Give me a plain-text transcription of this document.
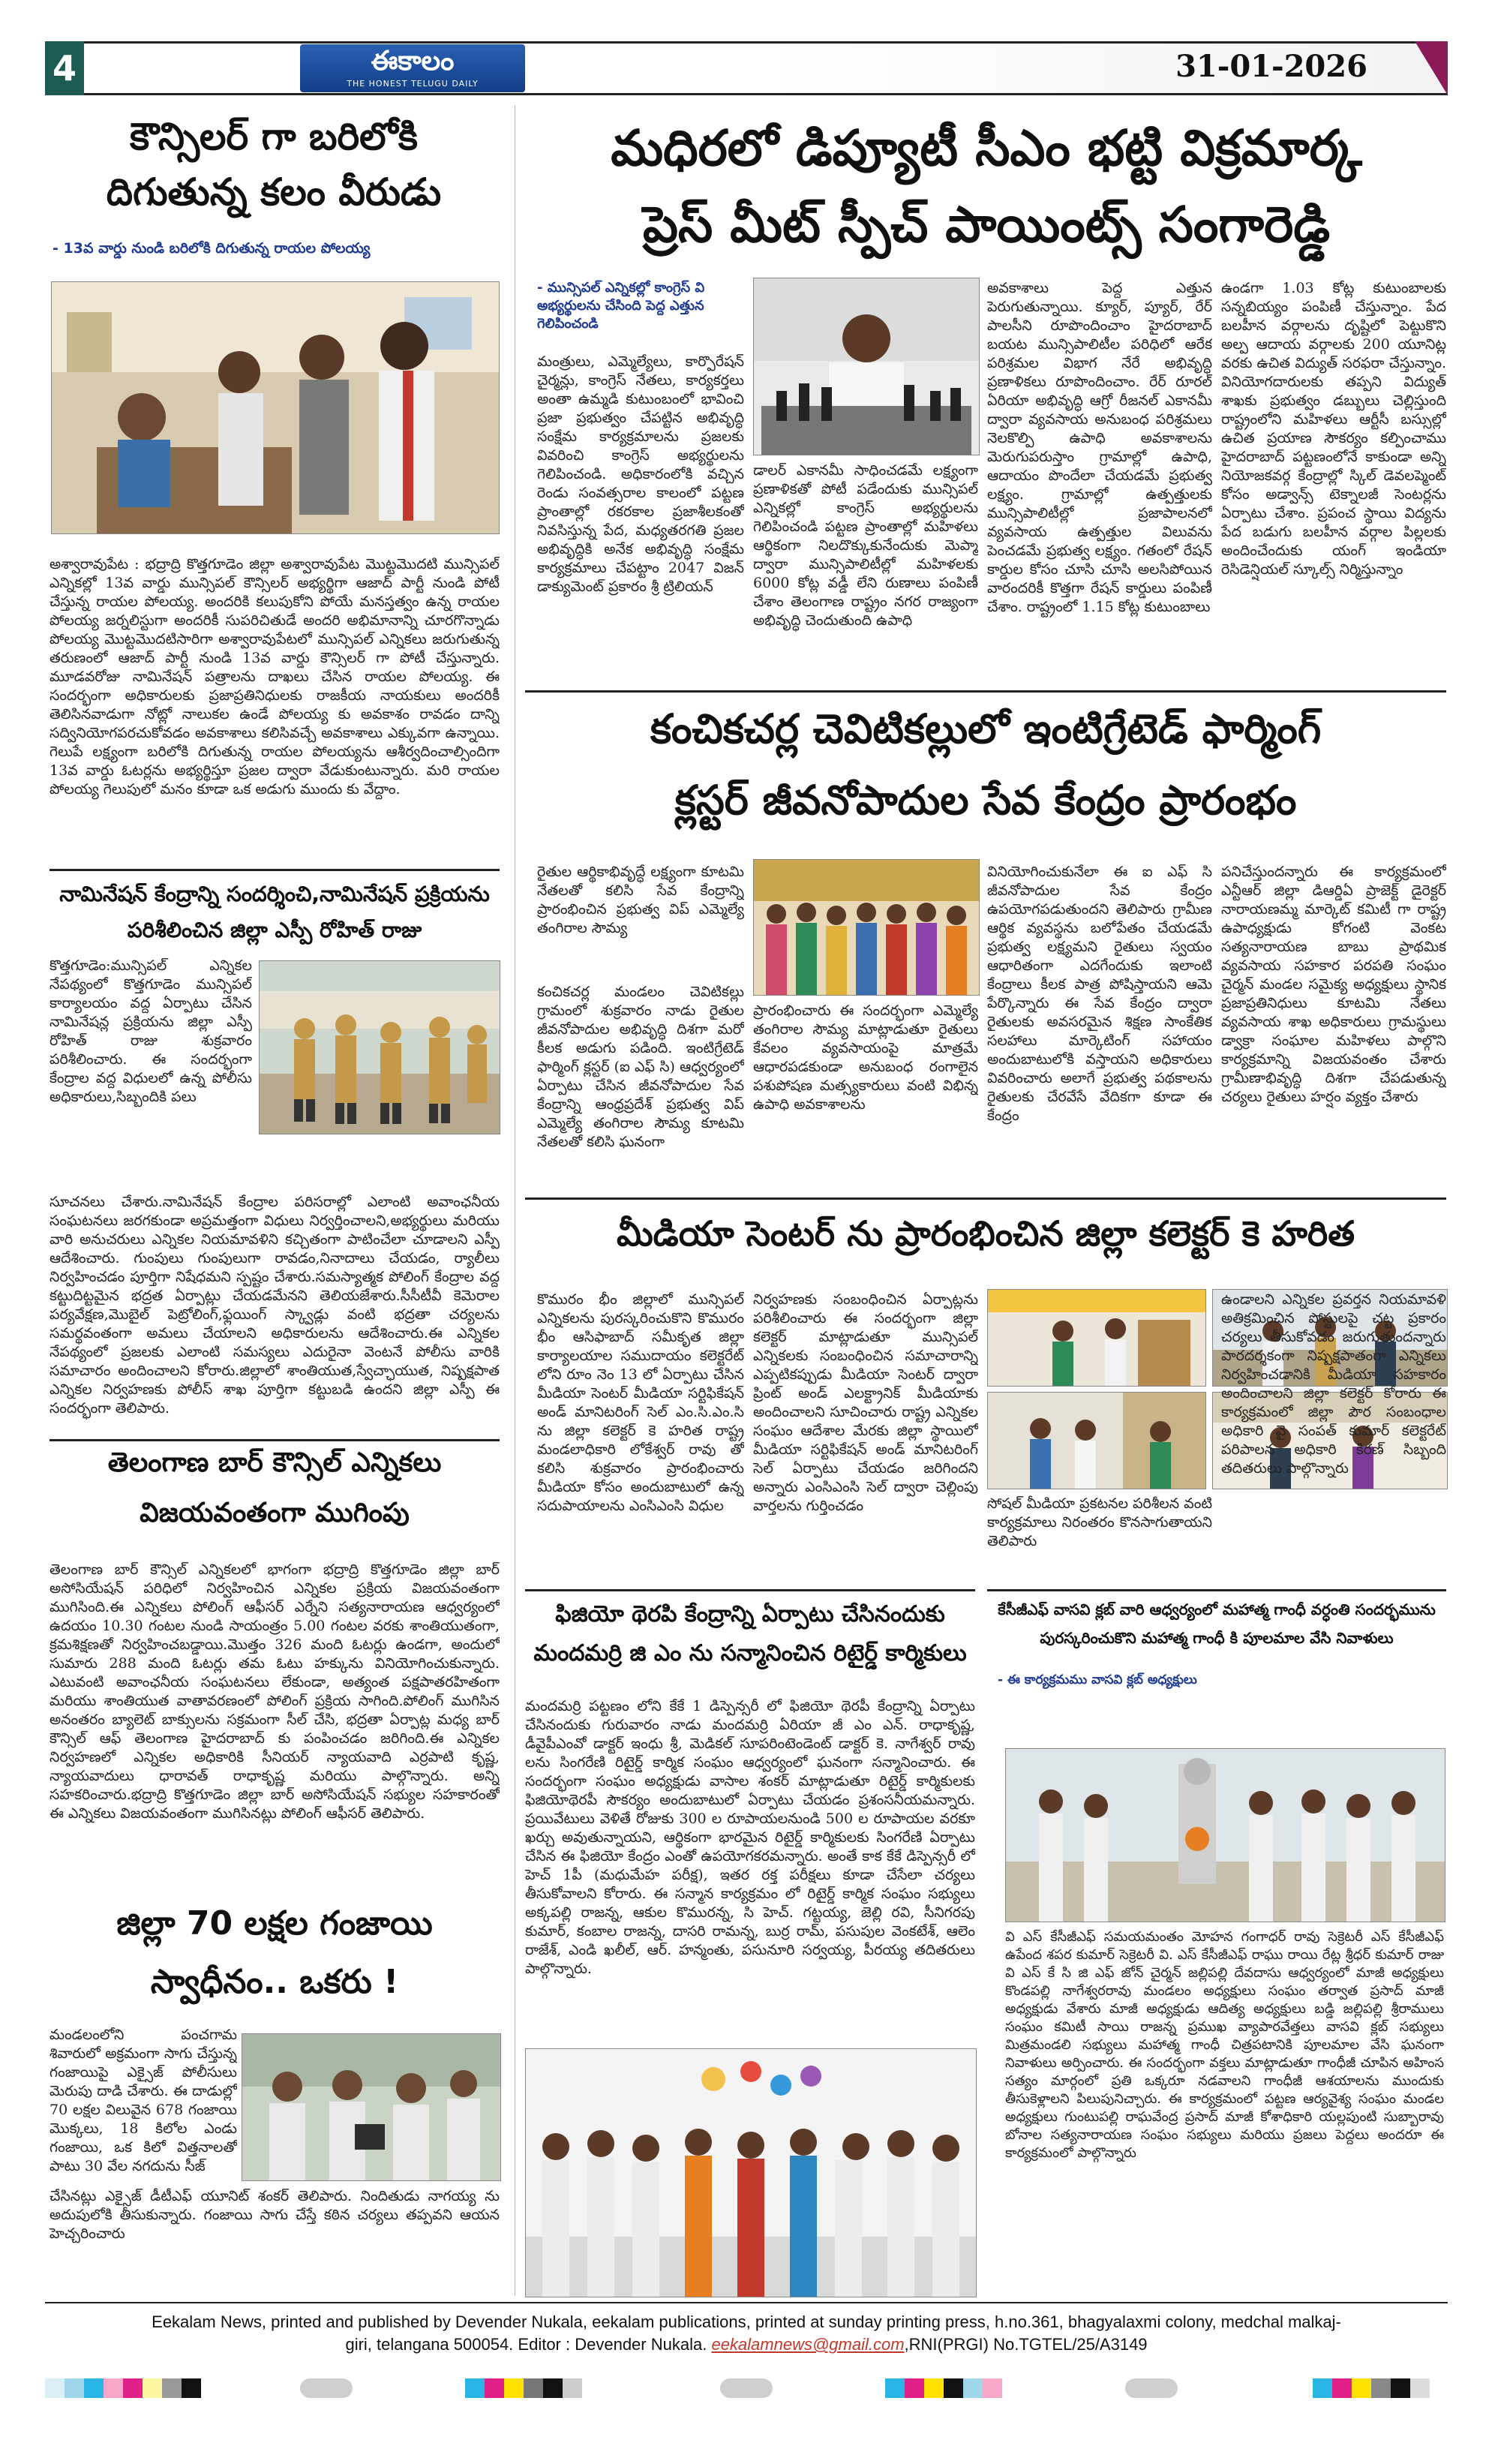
4	ఈకాలం
THE HONEST TELUGU DAILY	31-01-2026
కౌన్సిలర్ గా బరిలోకి
దిగుతున్న కలం వీరుడు
- 13వ వార్డు నుండి బరిలోకి దిగుతున్న రాయల పోలయ్య
అశ్వారావుపేట : భద్రాద్రి కొత్తగూడెం జిల్లా అశ్వారావుపేట మొట్టమొదటి మున్సిపల్ ఎన్నికల్లో 13వ వార్డు మున్సిపల్ కౌన్సిలర్ అభ్యర్థిగా ఆజాద్ పార్టీ నుండి పోటీ చేస్తున్న రాయల పోలయ్య. అందరికి కలుపుకోని పోయే మనస్తత్వం ఉన్న రాయల పోలయ్య జర్నలిస్టుగా అందరికీ సుపరిచితుడే అందరి అభిమానాన్ని చూరగొన్నాడు పోలయ్య మొట్టమొదటిసారిగా అశ్వారావుపేటలో మున్సిపల్ ఎన్నికలు జరుగుతున్న తరుణంలో ఆజాద్ పార్టీ నుండి 13వ వార్డు కౌన్సిలర్ గా పోటీ చేస్తున్నారు. మూడవరోజు నామినేషన్ పత్రాలను దాఖలు చేసిన రాయల పోలయ్య. ఈ సందర్భంగా అధికారులకు ప్రజాప్రతినిధులకు రాజకీయ నాయకులు అందరికీ తెలిసినవాడుగా నోట్లో నాలుకల ఉండే పోలయ్య కు అవకాశం రావడం దాన్ని సద్వినియోగపరచుకోవడం అవకాశాలు కలిసివచ్చే అవకాశాలు ఎక్కువగా ఉన్నాయి. గెలుపే లక్ష్యంగా బరిలోకి దిగుతున్న రాయల పోలయ్యను ఆశీర్వదించాల్సిందిగా 13వ వార్డు ఓటర్లను అభ్యర్థిస్తూ ప్రజల ద్వారా వేడుకుంటున్నారు. మరి రాయల పోలయ్య గెలుపులో మనం కూడా ఒక అడుగు ముందు కు వేద్దాం.
నామినేషన్ కేంద్రాన్ని సందర్శించి,నామినేషన్ ప్రక్రియను పరిశీలించిన జిల్లా ఎస్పీ రోహిత్ రాజు
కొత్తగూడెం:మున్సిపల్ ఎన్నికల నేపథ్యంలో కొత్తగూడెం మున్సిపల్ కార్యాలయం వద్ద ఏర్పాటు చేసిన నామినేషన్ల ప్రక్రియను జిల్లా ఎస్పీ రోహిత్ రాజు శుక్రవారం పరిశీలించారు. ఈ సందర్భంగా కేంద్రాల వద్ద విధులలో ఉన్న పోలీసు అధికారులు,సిబ్బందికి పలు
సూచనలు చేశారు.నామినేషన్ కేంద్రాల పరిసరాల్లో ఎలాంటి అవాంఛనీయ సంఘటనలు జరగకుండా అప్రమత్తంగా విధులు నిర్వర్తించాలని,అభ్యర్థులు మరియు వారి అనుచరులు ఎన్నికల నియమావళిని కచ్చితంగా పాటించేలా చూడాలని ఎస్పీ ఆదేశించారు. గుంపులు గుంపులుగా రావడం,నినాదాలు చేయడం, ర్యాలీలు నిర్వహించడం పూర్తిగా నిషేధమని స్పష్టం చేశారు.సమస్యాత్మక పోలింగ్ కేంద్రాల వద్ద కట్టుదిట్టమైన భద్రత ఏర్పాట్లు చేయడమేనని తెలియజేశారు.సీసీటీవీ కెమెరాల పర్యవేక్షణ,మొబైల్ పెట్రోలింగ్,ఫ్లయింగ్ స్క్వాడ్లు వంటి భద్రతా చర్యలను సమర్థవంతంగా అమలు చేయాలని అధికారులను ఆదేశించారు.ఈ ఎన్నికల నేపథ్యంలో ప్రజలకు ఎలాంటి సమస్యలు ఎదురైనా వెంటనే పోలీసు వారికి సమాచారం అందించాలని కోరారు.జిల్లాలో శాంతియుత,స్వేచ్ఛాయుత, నిష్పక్షపాత ఎన్నికల నిర్వహణకు పోలీస్ శాఖ పూర్తిగా కట్టుబడి ఉందని జిల్లా ఎస్పీ ఈ సందర్భంగా తెలిపారు.
తెలంగాణ బార్ కౌన్సిల్ ఎన్నికలు
విజయవంతంగా ముగింపు
తెలంగాణ బార్ కౌన్సిల్ ఎన్నికలలో భాగంగా భద్రాద్రి కొత్తగూడెం జిల్లా బార్ అసోసియేషన్ పరిధిలో నిర్వహించిన ఎన్నికల ప్రక్రియ విజయవంతంగా ముగిసింది.ఈ ఎన్నికలు పోలింగ్ ఆఫీసర్ ఎర్నేని సత్యనారాయణ ఆధ్వర్యంలో ఉదయం 10.30 గంటల నుండి సాయంత్రం 5.00 గంటల వరకు శాంతియుతంగా, క్రమశిక్షణతో నిర్వహించబడ్డాయి.మొత్తం 326 మంది ఓటర్లు ఉండగా, అందులో సుమారు 288 మంది ఓటర్లు తమ ఓటు హక్కును వినియోగించుకున్నారు. ఎటువంటి అవాంఛనీయ సంఘటనలు లేకుండా, అత్యంత పక్షపాతరహితంగా మరియు శాంతియుత వాతావరణంలో పోలింగ్ ప్రక్రియ సాగింది.పోలింగ్ ముగిసిన అనంతరం బ్యాలెట్ బాక్సులను సక్రమంగా సీల్ చేసి, భద్రతా ఏర్పాట్ల మధ్య బార్ కౌన్సిల్ ఆఫ్ తెలంగాణ హైదరాబాద్ కు పంపించడం జరిగింది.ఈ ఎన్నికల నిర్వహణలో ఎన్నికల అధికారికి సీనియర్ న్యాయవాది ఎర్రపాటి కృష్ణ, న్యాయవాదులు ధారావత్ రాధాకృష్ణ మరియు పాల్గొన్నారు. అన్ని సహకరించారు.భద్రాద్రి కొత్తగూడెం జిల్లా బార్ అసోసియేషన్ సభ్యుల సహకారంతో ఈ ఎన్నికలు విజయవంతంగా ముగిసినట్లు పోలింగ్ ఆఫీసర్ తెలిపారు.
జిల్లా 70 లక్షల గంజాయి
స్వాధీనం.. ఒకరు !
మండలంలోని పంచగామ శివారులో అక్రమంగా సాగు చేస్తున్న గంజాయిపై ఎక్సైజ్ పోలీసులు మెరుపు దాడి చేశారు. ఈ దాడుల్లో 70 లక్షల విలువైన 678 గంజాయి మొక్కలు, 18 కిలోల ఎండు గంజాయి, ఒక కిలో విత్తనాలతో పాటు 30 వేల నగదును సీజ్
చేసినట్లు ఎక్సైజ్ డీటీఎఫ్ యూనిట్ శంకర్ తెలిపారు. నిందితుడు నాగయ్య ను అదుపులోకి తీసుకున్నారు. గంజాయి సాగు చేస్తే కఠిన చర్యలు తప్పవని ఆయన హెచ్చరించారు
మధిరలో డిప్యూటీ సీఎం భట్టి విక్రమార్క
ప్రెస్ మీట్ స్పీచ్ పాయింట్స్ సంగారెడ్డి
- మున్సిపల్ ఎన్నికల్లో కాంగ్రెస్ వి అభ్యర్థులను చేసింది పెద్ద ఎత్తున గెలిపించండి
మంత్రులు, ఎమ్మెల్యేలు, కార్పొరేషన్ చైర్మన్లు, కాంగ్రెస్ నేతలు, కార్యకర్తలు అంతా ఉమ్మడి కుటుంబంలో భావించి ప్రజా ప్రభుత్వం చేపట్టిన అభివృద్ధి సంక్షేమ కార్యక్రమాలను ప్రజలకు వివరించి కాంగ్రెస్ అభ్యర్థులను గెలిపించండి. అధికారంలోకి వచ్చిన రెండు సంవత్సరాల కాలంలో పట్టణ ప్రాంతాల్లో రకరకాల ప్రజాశీలకంతో నివసిస్తున్న పేద, మధ్యతరగతి ప్రజల అభివృద్ధికి అనేక అభివృద్ధి సంక్షేమ కార్యక్రమాలు చేపట్టాం 2047 విజన్ డాక్యుమెంట్ ప్రకారం శ్రీ ట్రిలియన్
డాలర్ ఎకానమీ సాధించడమే లక్ష్యంగా ప్రణాళికతో పోటీ పడేందుకు మున్సిపల్ ఎన్నికల్లో కాంగ్రెస్ అభ్యర్థులను గెలిపించండి పట్టణ ప్రాంతాల్లో మహిళలు ఆర్థికంగా నిలదొక్కుకునేందుకు మెప్మా ద్వారా మున్సిపాలిటీల్లో మహిళలకు 6000 కోట్ల వడ్డీ లేని రుణాలు పంపిణీ చేశాం తెలంగాణ రాష్ట్రం నగర రాజ్యంగా అభివృద్ధి చెందుతుంది ఉపాధి
అవకాశాలు పెద్ద ఎత్తున పెరుగుతున్నాయి. క్యూర్, ప్యూర్, రేర్ పాలసీని రూపొందించాం హైదరాబాద్ బయట మున్సిపాలిటీల పరిధిలో ఆరేక పరిశ్రమల విభాగ నేరే అభివృద్ధి ప్రణాళికలు రూపొందించాం. రేర్ రూరల్ ఏరియా అభివృద్ధి ఆగ్రో రీజనల్ ఎకానమీ ద్వారా వ్యవసాయ అనుబంధ పరిశ్రమలు నెలకొల్పి ఉపాధి అవకాశాలను మెరుగుపరుస్తాం గ్రామాల్లో ఉపాధి, ఆదాయం పొందేలా చేయడమే ప్రభుత్వ లక్ష్యం. గ్రామాల్లో ఉత్పత్తులకు మున్సిపాలిటీల్లో ప్రజాపాలనలో వ్యవసాయ ఉత్పత్తుల విలువను పెంచడమే ప్రభుత్వ లక్ష్యం. గతంలో రేషన్ కార్డుల కోసం చూసి చూసి అలసిపోయిన వారందరికీ కొత్తగా రేషన్ కార్డులు పంపిణీ చేశాం. రాష్ట్రంలో 1.15 కోట్ల కుటుంబాలు
ఉండగా 1.03 కోట్ల కుటుంబాలకు సన్నబియ్యం పంపిణీ చేస్తున్నాం. పేద బలహీన వర్గాలను దృష్టిలో పెట్టుకొని అల్ప ఆదాయ వర్గాలకు 200 యూనిట్ల వరకు ఉచిత విద్యుత్ సరఫరా చేస్తున్నాం. వినియోగదారులకు తప్పని విద్యుత్ శాఖకు ప్రభుత్వం డబ్బులు చెల్లిస్తుంది రాష్ట్రంలోని మహిళలు ఆర్టీసీ బస్సుల్లో ఉచిత ప్రయాణ సౌకర్యం కల్పించాము హైదరాబాద్ పట్టణంలోనే కాకుండా అన్ని నియోజకవర్గ కేంద్రాల్లో స్కిల్ డెవలప్మెంట్ కోసం అడ్వాన్స్ టెక్నాలజీ సెంటర్లను ఏర్పాటు చేశాం. ప్రపంచ స్థాయి విద్యను పేద బడుగు బలహీన వర్గాల పిల్లలకు అందించేందుకు యంగ్ ఇండియా రెసిడెన్షియల్ స్కూల్స్ నిర్మిస్తున్నాం
కంచికచర్ల చెవిటికల్లులో ఇంటిగ్రేటెడ్ ఫార్మింగ్
క్లస్టర్ జీవనోపాదుల సేవ కేంద్రం ప్రారంభం
రైతుల ఆర్థికాభివృద్ధే లక్ష్యంగా కూటమి నేతలతో కలిసి సేవ కేంద్రాన్ని ప్రారంభించిన ప్రభుత్వ విప్ ఎమ్మెల్యే తంగిరాల సౌమ్య
కంచికచర్ల మండలం చెవిటికల్లు గ్రామంలో శుక్రవారం నాడు రైతుల జీవనోపాదుల అభివృద్ధి దిశగా మరో కీలక అడుగు పడింది. ఇంటిగ్రేటెడ్ ఫార్మింగ్ క్లస్టర్ (ఐ ఎఫ్ సి) ఆధ్వర్యంలో ఏర్పాటు చేసిన జీవనోపాదుల సేవ కేంద్రాన్ని ఆంధ్రప్రదేశ్ ప్రభుత్వ విప్ ఎమ్మెల్యే తంగిరాల సౌమ్య కూటమి నేతలతో కలిసి ఘనంగా
ప్రారంభించారు ఈ సందర్భంగా ఎమ్మెల్యే తంగిరాల సౌమ్య మాట్లాడుతూ రైతులు కేవలం వ్యవసాయంపై మాత్రమే ఆధారపడకుండా అనుబంధ రంగాలైన పశుపోషణ మత్స్యకారులు వంటి విభిన్న ఉపాధి అవకాశాలను
వినియోగించుకునేలా ఈ ఐ ఎఫ్ సి జీవనోపాదుల సేవ కేంద్రం ఉపయోగపడుతుందని తెలిపారు గ్రామీణ ఆర్థిక వ్యవస్థను బలోపేతం చేయడమే ప్రభుత్వ లక్ష్యమని రైతులు స్వయం ఆధారితంగా ఎదగేందుకు ఇలాంటి కేంద్రాలు కీలక పాత్ర పోషిస్తాయని ఆమె పేర్కొన్నారు ఈ సేవ కేంద్రం ద్వారా రైతులకు అవసరమైన శిక్షణ సాంకేతిక సలహాలు మార్కెటింగ్ సహాయం అందుబాటులోకి వస్తాయని అధికారులు వివరించారు అలాగే ప్రభుత్వ పథకాలను రైతులకు చేరవేసే వేదికగా కూడా ఈ కేంద్రం
పనిచేస్తుందన్నారు ఈ కార్యక్రమంలో ఎన్టీఆర్ జిల్లా డిఆర్డిఏ ప్రాజెక్ట్ డైరెక్టర్ నారాయణమ్మ మార్కెట్ కమిటీ గా రాష్ట్ర ఉపాధ్యక్షుడు కోగంటి వెంకట సత్యనారాయణ బాబు ప్రాథమిక వ్యవసాయ సహకార పరపతి సంఘం చైర్మన్ మండల సమైక్య అధ్యక్షులు స్థానిక ప్రజాప్రతినిధులు కూటమి నేతలు వ్యవసాయ శాఖ అధికారులు గ్రామస్థులు డ్వాక్రా సంఘాల మహిళలు పాల్గొని కార్యక్రమాన్ని విజయవంతం చేశారు గ్రామీణాభివృద్ధి దిశగా చేపడుతున్న చర్యలు రైతులు హర్షం వ్యక్తం చేశారు
మీడియా సెంటర్ ను ప్రారంభించిన జిల్లా కలెక్టర్ కె హరిత
కొమురం భీం జిల్లాలో మున్సిపల్ ఎన్నికలను పురస్కరించుకొని కొమురం భీం ఆసిఫాబాద్ సమీకృత జిల్లా కార్యాలయాల సముదాయం కలెక్టరేట్ లోని రూం నెం 13 లో ఏర్పాటు చేసిన మీడియా సెంటర్ మీడియా సర్టిఫికేషన్ అండ్ మానిటరింగ్ సెల్ ఎం.సి.ఎం.సి ను జిల్లా కలెక్టర్ కె హరిత రాష్ట్ర మండలాధికారి లోకేశ్వర్ రావు తో కలిసి శుక్రవారం ప్రారంభించారు మీడియా కోసం అందుబాటులో ఉన్న సదుపాయాలను ఎంసిఎంసి విధుల
నిర్వహణకు సంబంధించిన ఏర్పాట్లను పరిశీలించారు ఈ సందర్భంగా జిల్లా కలెక్టర్ మాట్లాడుతూ మున్సిపల్ ఎన్నికలకు సంబంధించిన సమాచారాన్ని ఎప్పటికప్పుడు మీడియా సెంటర్ ద్వారా ప్రింట్ అండ్ ఎలక్ట్రానిక్ మీడియాకు అందించాలని సూచించారు రాష్ట్ర ఎన్నికల సంఘం ఆదేశాల మేరకు జిల్లా స్థాయిలో మీడియా సర్టిఫికేషన్ అండ్ మానిటరింగ్ సెల్ ఏర్పాటు చేయడం జరిగిందని అన్నారు ఎంసిఎంసి సెల్ ద్వారా చెల్లింపు వార్తలను గుర్తించడం	సోషల్ మీడియా ప్రకటనల పరిశీలన వంటి కార్యక్రమాలు నిరంతరం కొనసాగుతాయని తెలిపారు
ఉండాలని ఎన్నికల ప్రవర్తన నియమావళి అతిక్రమించిన పోస్టులపై చట్ట ప్రకారం చర్యలు తీసుకోవడం జరుగుతుందన్నారు పారదర్శకంగా నిష్పక్షపాతంగా ఎన్నికలు నిర్వహించడానికి మీడియా సహకారం అందించాలని జిల్లా కలెక్టర్ కోరారు ఈ కార్యక్రమంలో జిల్లా పౌర సంబంధాల అధికారి వై సంపత్ కుమార్ కలెక్టరేట్ పరిపాలన అధికారి కిరణ్ సిబ్బంది తదితరులు పాల్గొన్నారు
ఫిజియో థెరపి కేంద్రాన్ని ఏర్పాటు చేసినందుకు
మందమర్రి జి ఎం ను సన్మానించిన రిటైర్డ్ కార్మికులు
మందమర్రి పట్టణం లోని కేకే 1 డిస్పెన్సరీ లో ఫిజియో థెరపీ కేంద్రాన్ని ఏర్పాటు చేసినందుకు గురువారం నాడు మందమర్రి ఏరియా జీ ఎం ఎన్. రాధాకృష్ణ, డీవైపీఎంవో డాక్టర్ ఇంధు శ్రీ, మెడికల్ సూపరింటెండెంట్ డాక్టర్ కె. నాగేశ్వర్ రావు లను సింగరేణి రిటైర్డ్ కార్మిక సంఘం ఆధ్వర్యంలో ఘనంగా సన్మానించారు. ఈ సందర్భంగా సంఘం అధ్యక్షుడు వాసాల శంకర్ మాట్లాడుతూ రిటైర్డ్ కార్మికులకు ఫిజియోథెరపీ సౌకర్యం అందుబాటులో ఏర్పాటు చేయడం ప్రశంసనీయమన్నారు. ప్రయివేటులు వెళితే రోజుకు 300 ల రూపాయలనుండి 500 ల రూపాయల వరకూ ఖర్చు అవుతున్నాయని, ఆర్థికంగా భారమైన రిటైర్డ్ కార్మికులకు సింగరేణి ఏర్పాటు చేసిన ఈ ఫిజియో కేంద్రం ఎంతో ఉపయోగకరమన్నారు. అంతే కాక కేకే డిస్పెన్సరీ లో హెచ్ 1పీ (మధుమేహ పరీక్ష), ఇతర రక్త పరీక్షలు కూడా చేసేలా చర్యలు తీసుకోవాలని కోరారు. ఈ సన్మాన కార్యక్రమం లో రిటైర్డ్ కార్మిక సంఘం సభ్యులు అక్కపల్లి రాజన్న, ఆకుల కొమురన్న, సి హెచ్. గట్టయ్య, జెల్లి రవి, సీనిగరపు కుమార్, కంబాల రాజన్న, దాసరి రామన్న, బుర్ర రామ్, పసుపుల వెంకటేశ్, ఆలెం రాజేశ్, ఎండి ఖలీల్, ఆర్. హన్మంతు, పసునూరి సర్వయ్య, పీరయ్య తదితరులు పాల్గొన్నారు.
కేసీజీఎఫ్ వాసవి క్లబ్ వారి ఆధ్వర్యంలో మహాత్మ గాంధీ వర్ధంతి సందర్భమును
పురస్కరించుకొని మహాత్మ గాంధీ కి పూలమాల వేసి నివాళులు
- ఈ కార్యక్రమము వాసవి క్లబ్ అధ్యక్షులు
వి ఎస్ కేసీజీఎఫ్ సమయమంతం మోహన గంగాధర్ రావు సెక్రెటరీ ఎస్ కేసీజీఎఫ్ ఉపేంద శపర కుమార్ సెక్రెటరీ వి. ఎస్ కేసీజీఎఫ్ రాఘు రాయి రేట్ల శ్రీధర్ కుమార్ రాజు వి ఎస్ కే సి జి ఎఫ్ జోన్ చైర్మన్ జల్లిపల్లి దేవదాసు ఆధ్వర్యంలో మాజీ అధ్యక్షులు కొండపల్లి నాగేశ్వరరావు మండలం అధ్యక్షులు సంఘం తర్వాత ప్రసాద్ మాజీ అధ్యక్షుడు వేశారు మాజీ అధ్యక్షుడు ఆదిత్య అధ్యక్షులు బడ్డి జల్లిపల్లి శ్రీరాములు సంఘం కమిటీ సాయి రాజన్న ప్రముఖ వ్యాపారవేత్తలు వాసవి క్లబ్ సభ్యులు మిత్రమండలి సభ్యులు మహాత్మ గాంధీ చిత్రపటానికి పూలమాల వేసి ఘనంగా నివాళులు అర్పించారు. ఈ సందర్భంగా వక్తలు మాట్లాడుతూ గాంధీజీ చూపిన అహింస సత్యం మార్గంలో ప్రతి ఒక్కరూ నడవాలని గాంధీజీ ఆశయాలను ముందుకు తీసుకెళ్లాలని పిలుపునిచ్చారు. ఈ కార్యక్రమంలో పట్టణ ఆర్యవైశ్య సంఘం మండల అధ్యక్షులు గుంటుపల్లి రాఘవేంద్ర ప్రసాద్ మాజీ కోశాధికారి యల్లపుంటి సుబ్బారావు బోనాల సత్యనారాయణ సంఘం సభ్యులు మరియు ప్రజలు పెద్దలు అందరూ ఈ కార్యక్రమంలో పాల్గొన్నారు
Eekalam News, printed and published by Devender Nukala, eekalam publications, printed at sunday printing press, h.no.361, bhagyalaxmi colony, medchal malkaj-
giri, telangana 500054. Editor : Devender Nukala. eekalamnews@gmail.com,RNI(PRGI) No.TGTEL/25/A3149
